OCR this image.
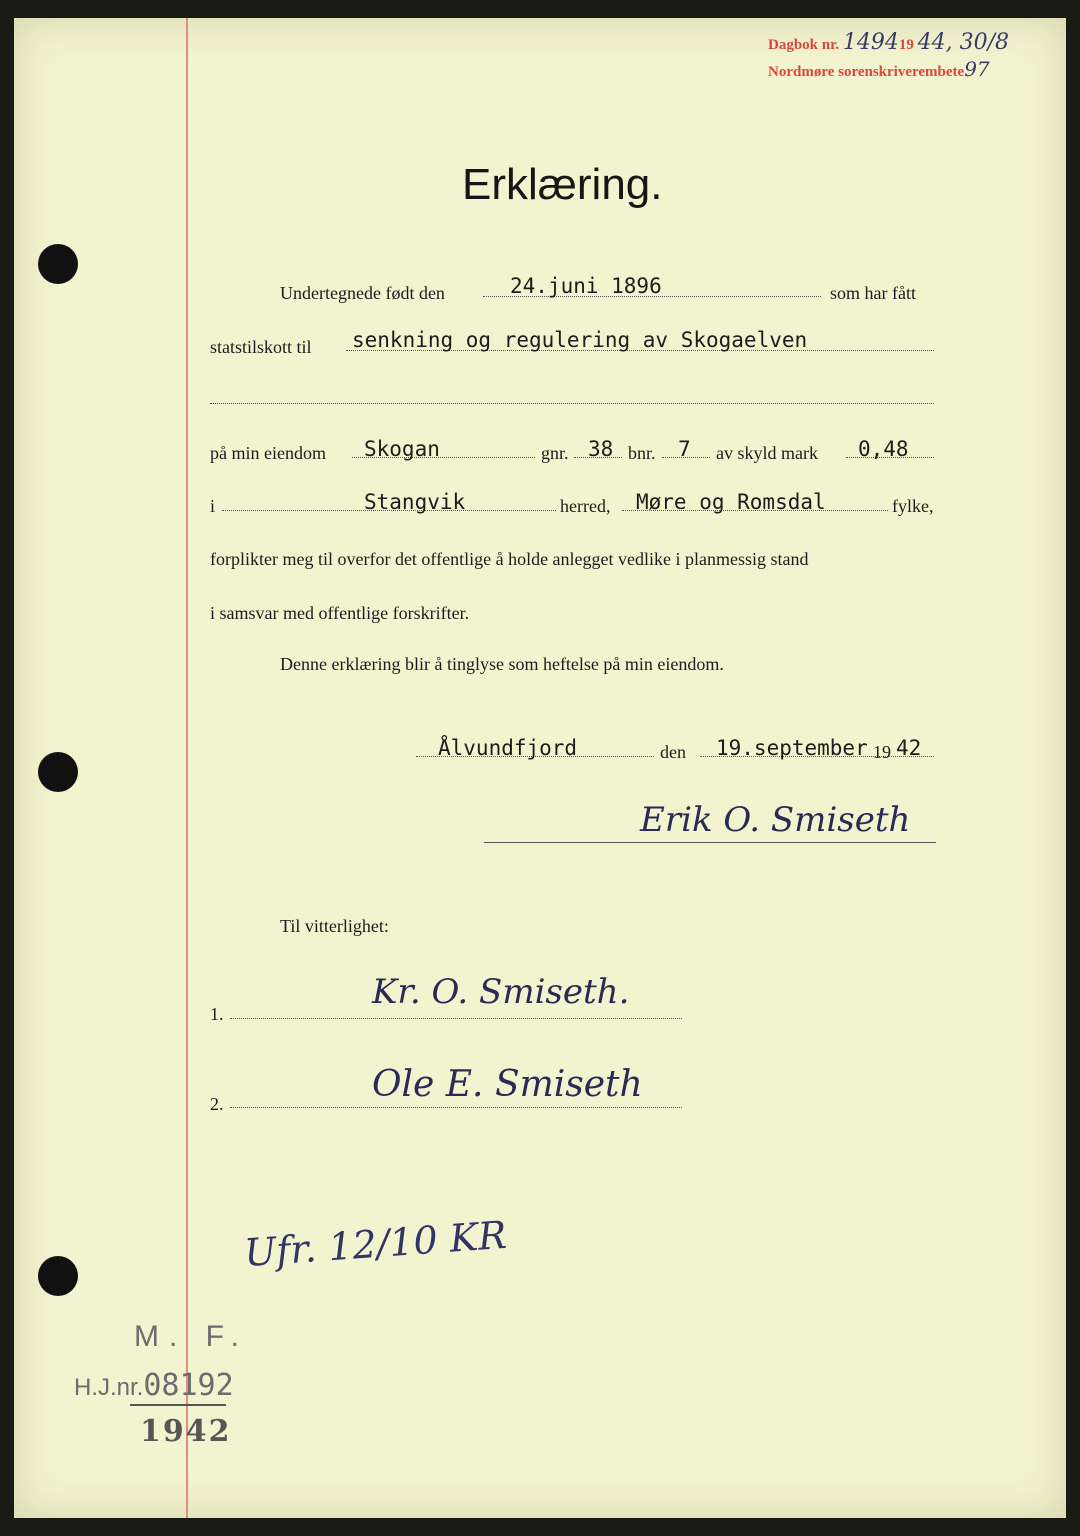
Dagbok nr. 149419 44, 30/8
Nordmøre sorenskriverembete97
Erklæring.
Undertegnede født den	24.juni 1896	som har fått
statstilskott til senkning og regulering av Skogaelven
på min eiendom Skogan	gnr. 38 bnr. 7 av skyld mark 0,48
i	Stangvik	herred, Møre og Romsdal	fylke,
forplikter meg til overfor det offentlige å holde anlegget vedlike i planmessig stand
i samsvar med offentlige forskrifter.
Denne erklæring blir å tinglyse som heftelse på min eiendom.
Ålvundfjord	den 19.september 19 42
Erik O. Smiseth
Til vitterlighet:
1.
Kr. O. Smiseth.
2.	Ole E. Smiseth
Ufr. 12/10 KR
M. F.
H.J.nr.08192
1942
